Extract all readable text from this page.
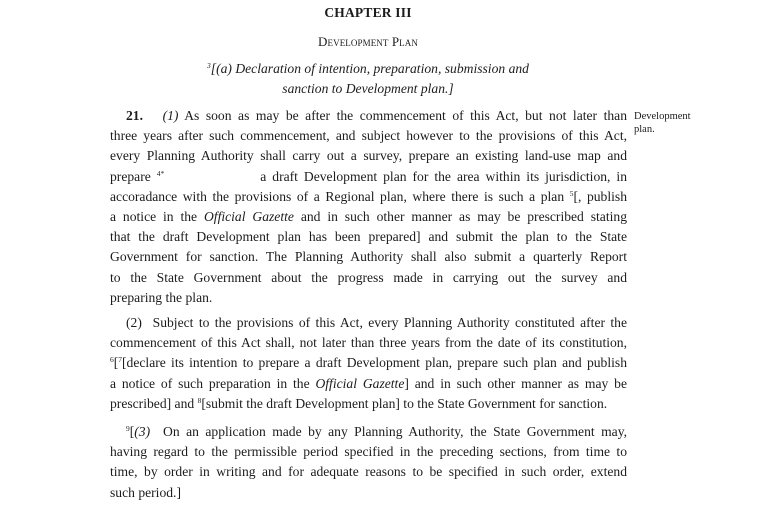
CHAPTER III
Development Plan
$^3$[(a) Declaration of intention, preparation, submission and
sanction to Development plan.]
Development
plan.
21. (1) As soon as may be after the commencement of this Act, but not later than
three years after such commencement, and subject however to the provisions of this Act,
every Planning Authority shall carry out a survey, prepare an existing land-use map and
prepare $^{4*}$	a draft Development plan for the area within its jurisdiction, in
accoradance with the provisions of a Regional plan, where there is such a plan $^5$[, publish
a notice in the Official Gazette and in such other manner as may be prescribed stating
that the draft Development plan has been prepared] and submit the plan to the State
Government for sanction. The Planning Authority shall also submit a quarterly Report
to the State Government about the progress made in carrying out the survey and
preparing the plan.
(2) Subject to the provisions of this Act, every Planning Authority constituted after the
commencement of this Act shall, not later than three years from the date of its constitution,
$^6$[$^7$[declare its intention to prepare a draft Development plan, prepare such plan and publish
a notice of such preparation in the Official Gazette] and in such other manner as may be
prescribed] and $^8$[submit the draft Development plan] to the State Government for sanction.
$^9$[(3) On an application made by any Planning Authority, the State Government may,
having regard to the permissible period specified in the preceding sections, from time to
time, by order in writing and for adequate reasons to be specified in such order, extend
such period.]
